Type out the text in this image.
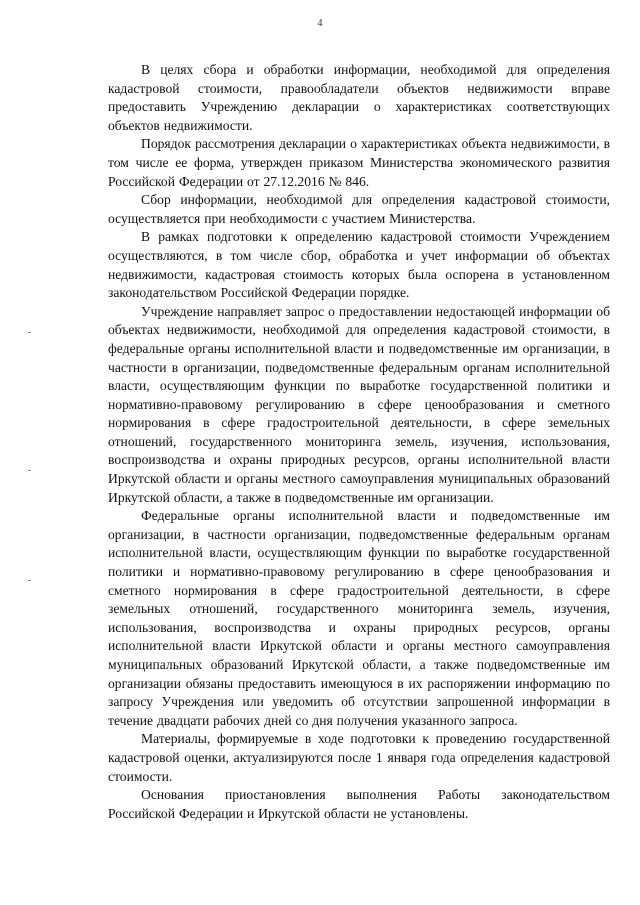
4

В целях сбора и обработки информации, необходимой для определения кадастровой стоимости, правообладатели объектов недвижимости вправе предоставить Учреждению декларации о характеристиках соответствующих объектов недвижимости.

Порядок рассмотрения декларации о характеристиках объекта недвижимости, в том числе ее форма, утвержден приказом Министерства экономического развития Российской Федерации от 27.12.2016 № 846.

Сбор информации, необходимой для определения кадастровой стоимости, осуществляется при необходимости с участием Министерства.

В рамках подготовки к определению кадастровой стоимости Учреждением осуществляются, в том числе сбор, обработка и учет информации об объектах недвижимости, кадастровая стоимость которых была оспорена в установленном законодательством Российской Федерации порядке.

Учреждение направляет запрос о предоставлении недостающей информации об объектах недвижимости, необходимой для определения кадастровой стоимости, в федеральные органы исполнительной власти и подведомственные им организации, в частности в организации, подведомственные федеральным органам исполнительной власти, осуществляющим функции по выработке государственной политики и нормативно-правовому регулированию в сфере ценообразования и сметного нормирования в сфере градостроительной деятельности, в сфере земельных отношений, государственного мониторинга земель, изучения, использования, воспроизводства и охраны природных ресурсов, органы исполнительной власти Иркутской области и органы местного самоуправления муниципальных образований Иркутской области, а также в подведомственные им организации.

Федеральные органы исполнительной власти и подведомственные им организации, в частности организации, подведомственные федеральным органам исполнительной власти, осуществляющим функции по выработке государственной политики и нормативно-правовому регулированию в сфере ценообразования и сметного нормирования в сфере градостроительной деятельности, в сфере земельных отношений, государственного мониторинга земель, изучения, использования, воспроизводства и охраны природных ресурсов, органы исполнительной власти Иркутской области и органы местного самоуправления муниципальных образований Иркутской области, а также подведомственные им организации обязаны предоставить имеющуюся в их распоряжении информацию по запросу Учреждения или уведомить об отсутствии запрошенной информации в течение двадцати рабочих дней со дня получения указанного запроса.

Материалы, формируемые в ходе подготовки к проведению государственной кадастровой оценки, актуализируются после 1 января года определения кадастровой стоимости.

Основания приостановления выполнения Работы законодательством Российской Федерации и Иркутской области не установлены.
